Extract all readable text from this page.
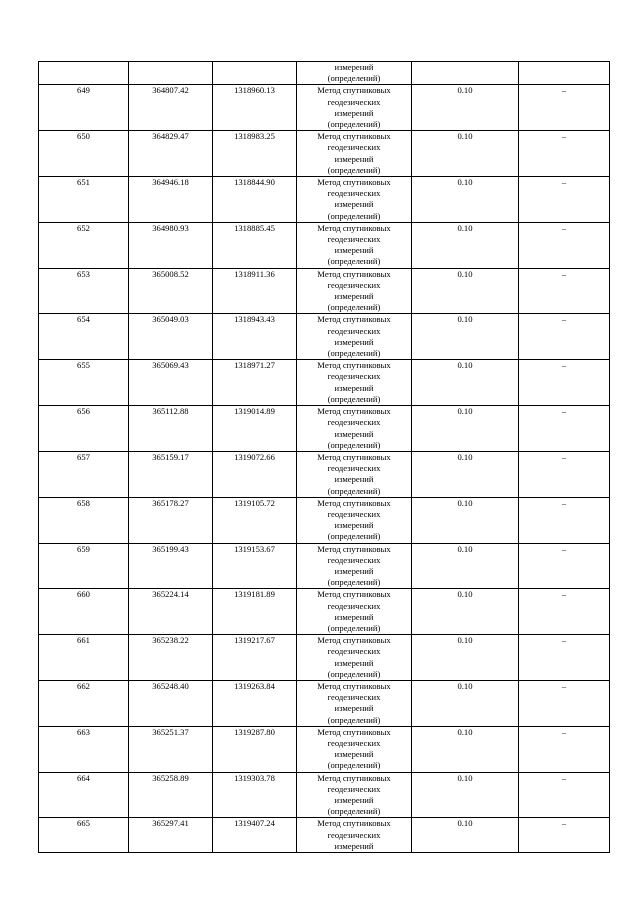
			измерений
(определений)		

649	364807.42	1318960.13	Метод спутниковых
геодезических
измерений
(определений)	0.10	–
650	364829.47	1318983.25	Метод спутниковых
геодезических
измерений
(определений)	0.10	–
651	364946.18	1318844.90	Метод спутниковых
геодезических
измерений
(определений)	0.10	–
652	364980.93	1318885.45	Метод спутниковых
геодезических
измерений
(определений)	0.10	–
653	365008.52	1318911.36	Метод спутниковых
геодезических
измерений
(определений)	0.10	–
654	365049.03	1318943.43	Метод спутниковых
геодезических
измерений
(определений)	0.10	–
655	365069.43	1318971.27	Метод спутниковых
геодезических
измерений
(определений)	0.10	–
656	365112.88	1319014.89	Метод спутниковых
геодезических
измерений
(определений)	0.10	–
657	365159.17	1319072.66	Метод спутниковых
геодезических
измерений
(определений)	0.10	–
658	365178.27	1319105.72	Метод спутниковых
геодезических
измерений
(определений)	0.10	–
659	365199.43	1319153.67	Метод спутниковых
геодезических
измерений
(определений)	0.10	–
660	365224.14	1319181.89	Метод спутниковых
геодезических
измерений
(определений)	0.10	–
661	365238.22	1319217.67	Метод спутниковых
геодезических
измерений
(определений)	0.10	–
662	365248.40	1319263.84	Метод спутниковых
геодезических
измерений
(определений)	0.10	–
663	365251.37	1319287.80	Метод спутниковых
геодезических
измерений
(определений)	0.10	–
664	365258.89	1319303.78	Метод спутниковых
геодезических
измерений
(определений)	0.10	–
665	365297.41	1319407.24	Метод спутниковых
геодезических
измерений	0.10	–
